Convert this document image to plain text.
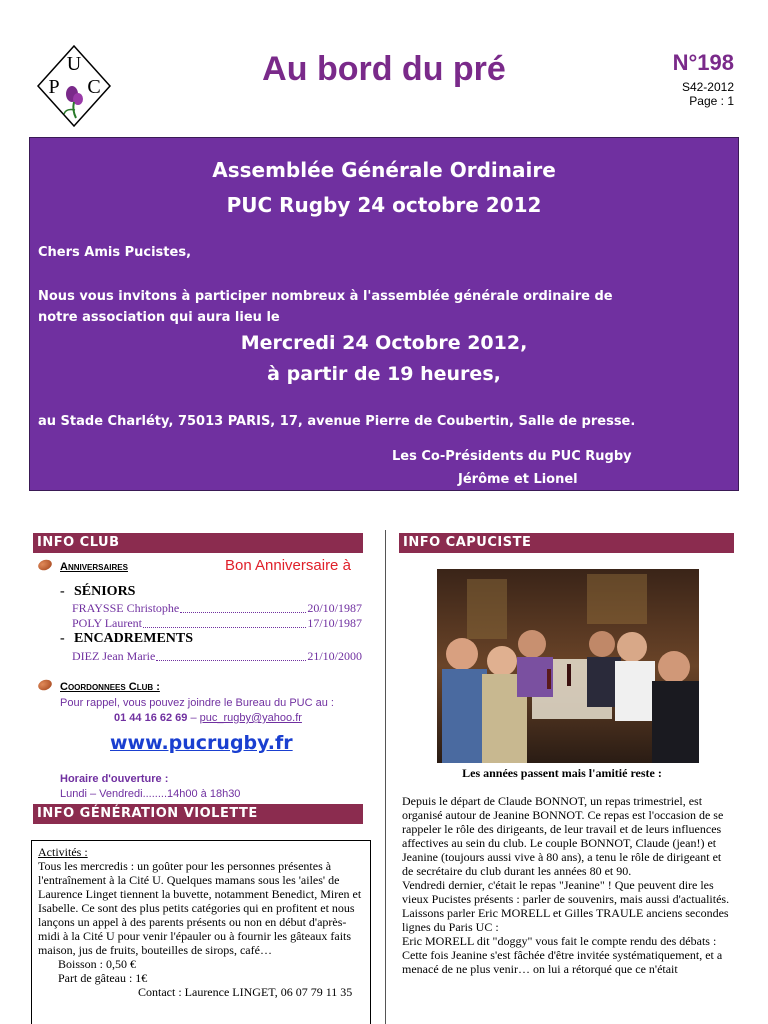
U
P C	Au bord du pré	N°198
S42-2012
Page : 1
Assemblée Générale Ordinaire
PUC Rugby 24 octobre 2012
Chers Amis Pucistes,
Nous vous invitons à participer nombreux à l'assemblée générale ordinaire de
notre association qui aura lieu le
Mercredi 24 Octobre 2012,
à partir de 19 heures,
au Stade Charléty, 75013 PARIS, 17, avenue Pierre de Coubertin, Salle de presse.
Les Co-Présidents du PUC Rugby
Jérôme et Lionel
INFO CLUB
Anniversaires	Bon Anniversaire à
- SÉNIORS
FRAYSSE Christophe	20/10/1987
POLY Laurent	17/10/1987
- ENCADREMENTS
DIEZ Jean Marie	21/10/2000
Coordonnees Club :
Pour rappel, vous pouvez joindre le Bureau du PUC au :
01 44 16 62 69 – puc_rugby@yahoo.fr
www.pucrugby.fr
Horaire d'ouverture :
Lundi – Vendredi........14h00 à 18h30
INFO GÉNÉRATION VIOLETTE
Activités :
Tous les mercredis : un goûter pour les personnes présentes à l'entraînement à la Cité U. Quelques mamans sous les 'ailes' de Laurence Linget tiennent la buvette, notamment Benedict, Miren et Isabelle. Ce sont des plus petits catégories qui en profitent et nous lançons un appel à des parents présents ou non en début d'après-midi à la Cité U pour venir l'épauler ou à fournir les gâteaux faits maison, jus de fruits, bouteilles de sirops, café…
Boisson : 0,50 €
Part de gâteau : 1€
Contact : Laurence LINGET, 06 07 79 11 35
INFO CAPUCISTE
Les années passent mais l'amitié reste :

Depuis le départ de Claude BONNOT, un repas trimestriel, est organisé autour de Jeanine BONNOT. Ce repas est l'occasion de se rappeler le rôle des dirigeants, de leur travail et de leurs influences affectives au sein du club. Le couple BONNOT, Claude (jean!) et Jeanine (toujours aussi vive à 80 ans), a tenu le rôle de dirigeant et de secrétaire du club durant les années 80 et 90.

Vendredi dernier, c'était le repas "Jeanine" ! Que peuvent dire les vieux Pucistes présents : parler de souvenirs, mais aussi d'actualités.

Laissons parler Eric MORELL et Gilles TRAULE anciens secondes lignes du Paris UC :

Eric MORELL dit "doggy" vous fait le compte rendu des débats :

Cette fois Jeanine s'est fâchée d'être invitée systématiquement, et a menacé de ne plus venir… on lui a rétorqué que ce n'était
